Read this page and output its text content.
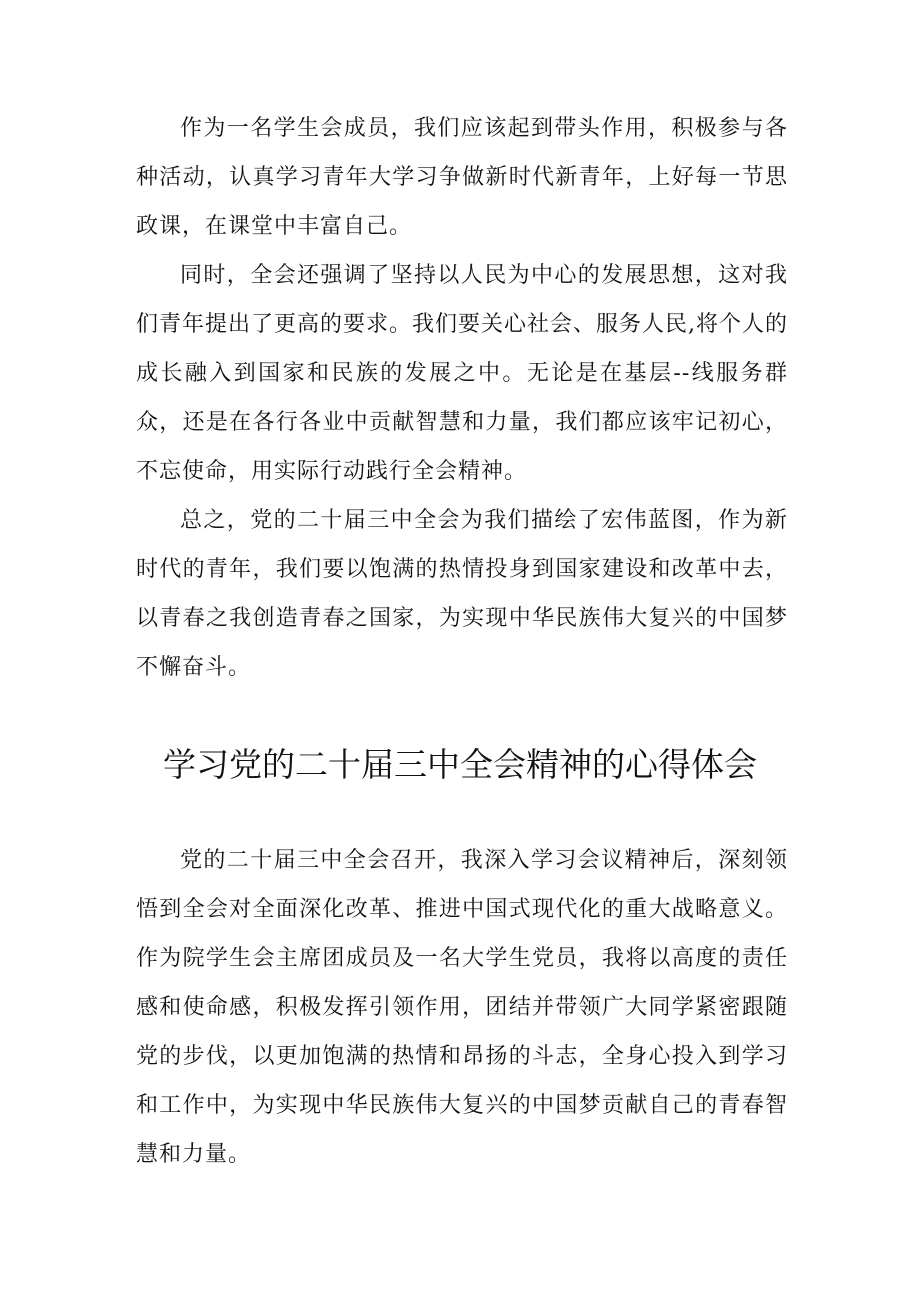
作为一名学生会成员，我们应该起到带头作用，积极参与各种活动，认真学习青年大学习争做新时代新青年，上好每一节思政课，在课堂中丰富自己。

同时，全会还强调了坚持以人民为中心的发展思想，这对我们青年提出了更高的要求。我们要关心社会、服务人民,将个人的成长融入到国家和民族的发展之中。无论是在基层--线服务群众，还是在各行各业中贡献智慧和力量，我们都应该牢记初心，不忘使命，用实际行动践行全会精神。

总之，党的二十届三中全会为我们描绘了宏伟蓝图，作为新时代的青年，我们要以饱满的热情投身到国家建设和改革中去，以青春之我创造青春之国家，为实现中华民族伟大复兴的中国梦不懈奋斗。

学习党的二十届三中全会精神的心得体会

党的二十届三中全会召开，我深入学习会议精神后，深刻领悟到全会对全面深化改革、推进中国式现代化的重大战略意义。作为院学生会主席团成员及一名大学生党员，我将以高度的责任感和使命感，积极发挥引领作用，团结并带领广大同学紧密跟随党的步伐，以更加饱满的热情和昂扬的斗志，全身心投入到学习和工作中，为实现中华民族伟大复兴的中国梦贡献自己的青春智慧和力量。
